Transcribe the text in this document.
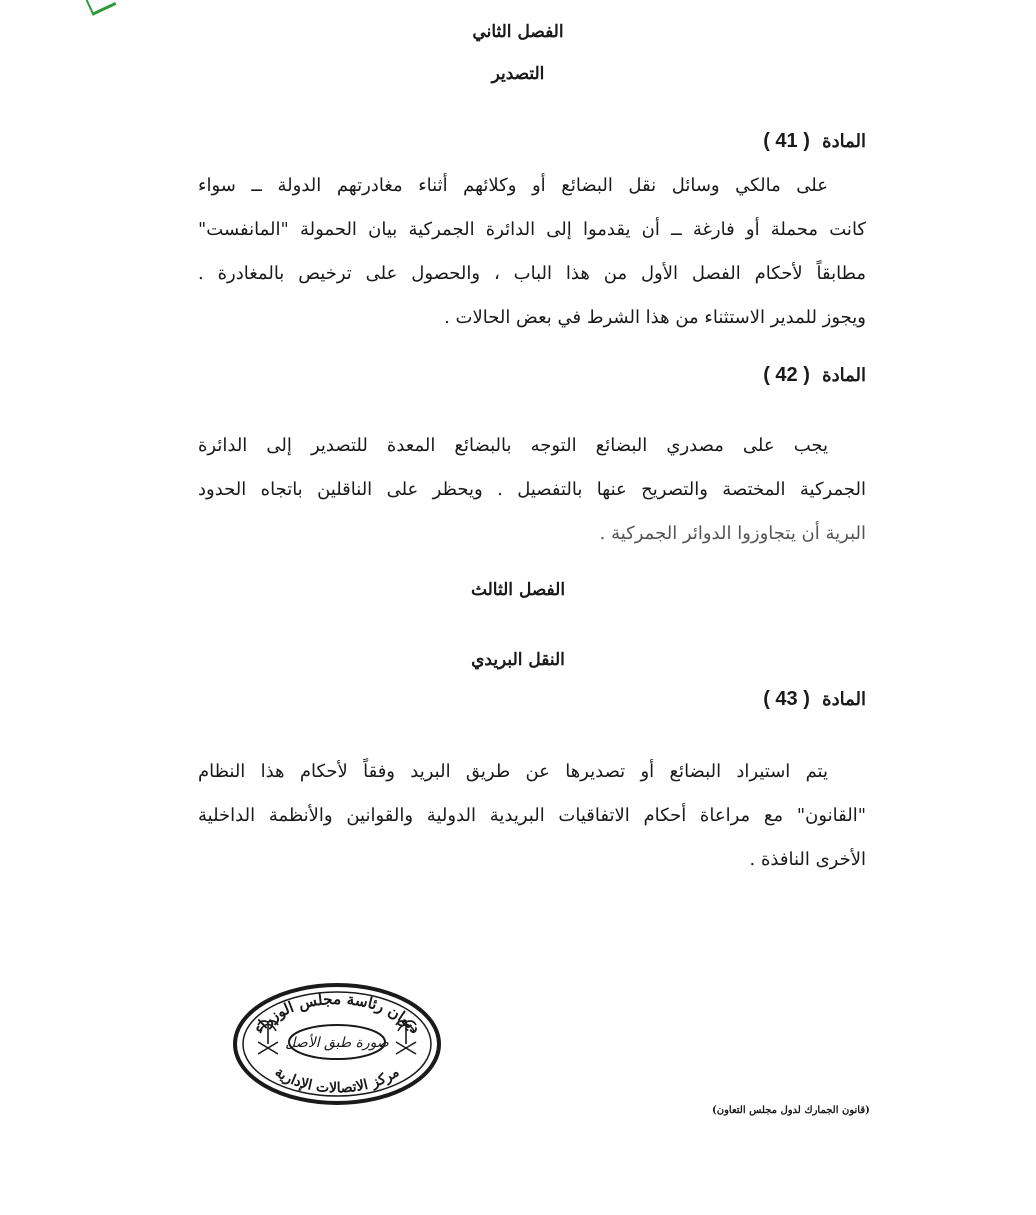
الفصل الثاني
التصدير
المادة ( 41 )
على مالكي وسائل نقل البضائع أو وكلائهم أثناء مغادرتهم الدولة ــ سواء
كانت محملة أو فارغة ــ أن يقدموا إلى الدائرة الجمركية بيان الحمولة "المانفست"
مطابقاً لأحكام الفصل الأول من هذا الباب ، والحصول على ترخيص بالمغادرة .
ويجوز للمدير الاستثناء من هذا الشرط في بعض الحالات .
المادة ( 42 )
يجب على مصدري البضائع التوجه بالبضائع المعدة للتصدير إلى الدائرة
الجمركية المختصة والتصريح عنها بالتفصيل . ويحظر على الناقلين باتجاه الحدود
البرية أن يتجاوزوا الدوائر الجمركية .
الفصل الثالث
النقل البريدي
المادة ( 43 )
يتم استيراد البضائع أو تصديرها عن طريق البريد وفقاً لأحكام هذا النظام
"القانون" مع مراعاة أحكام الاتفاقيات البريدية الدولية والقوانين والأنظمة الداخلية
الأخرى النافذة .
ديوان رئاسة مجلس الوزراء
مركز الاتصالات الإدارية
صورة طبق الأصل
(قانون الجمارك لدول مجلس التعاون)
